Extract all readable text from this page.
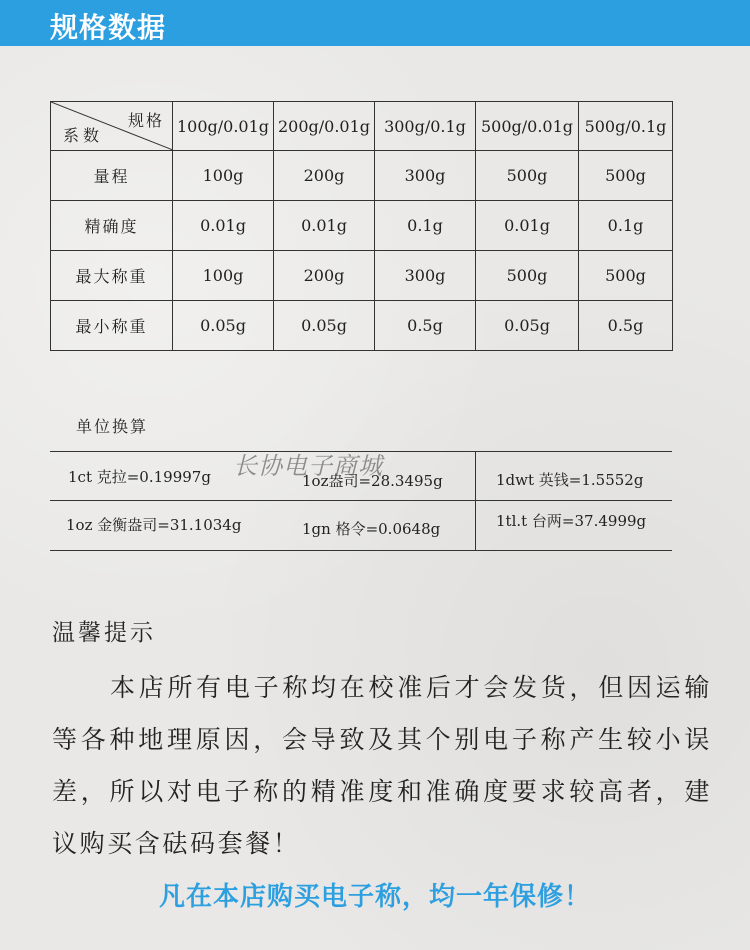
规格数据
规格
系数	100g/0.01g	200g/0.01g	300g/0.1g	500g/0.01g	500g/0.1g
量程	100g	200g	300g	500g	500g
精确度	0.01g	0.01g	0.1g	0.01g	0.1g
最大称重	100g	200g	300g	500g	500g
最小称重	0.05g	0.05g	0.5g	0.05g	0.5g
单位换算
1ct 克拉=0.19997g	1oz盎司=28.3495g	1dwt 英钱=1.5552g
1oz 金衡盎司=31.1034g	1gn 格令=0.0648g	1tl.t 台两=37.4999g
长协电子商城
温馨提示
本店所有电子称均在校准后才会发货，但因运输等各种地理原因，会导致及其个别电子称产生较小误差，所以对电子称的精准度和准确度要求较高者，建议购买含砝码套餐！
凡在本店购买电子称，均一年保修！
